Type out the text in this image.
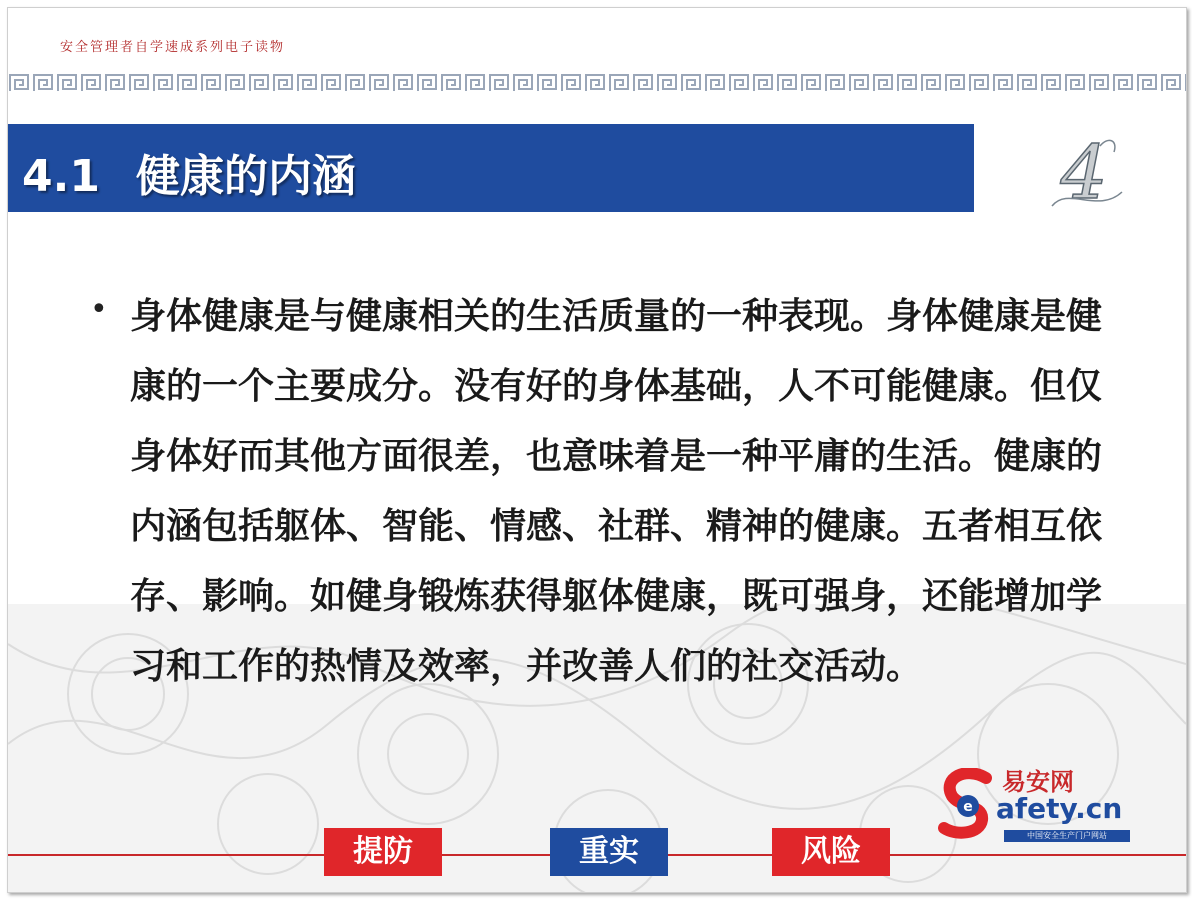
安全管理者自学速成系列电子读物
4.1 健康的内涵	4
• 身体健康是与健康相关的生活质量的一种表现。身体健康是健康的一个主要成分。没有好的身体基础，人不可能健康。但仅身体好而其他方面很差，也意味着是一种平庸的生活。健康的内涵包括躯体、智能、情感、社群、精神的健康。五者相互依存、影响。如健身锻炼获得躯体健康，既可强身，还能增加学习和工作的热情及效率，并改善人们的社交活动。
提防	重实	风险
e
易安网
afety.cn
中国安全生产门户网站
